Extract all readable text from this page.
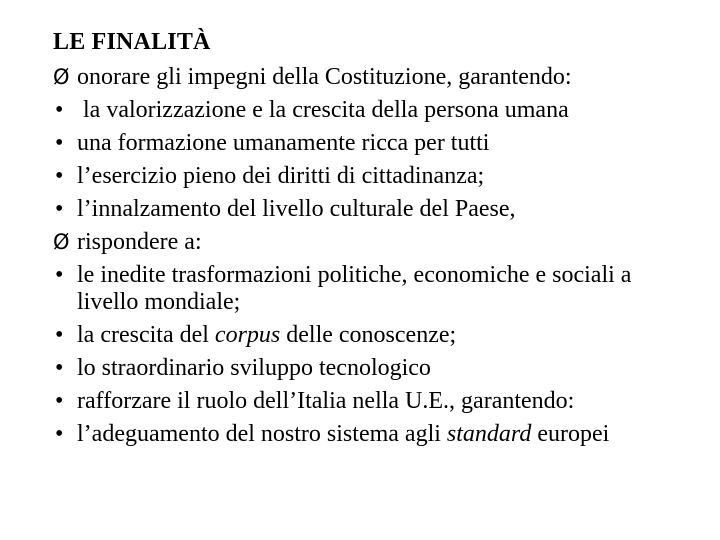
LE FINALITÀ
Ø onorare gli impegni della Costituzione, garantendo:
• la valorizzazione e la crescita della persona umana
• una formazione umanamente ricca per tutti
• l’esercizio pieno dei diritti di cittadinanza;
• l’innalzamento del livello culturale del Paese,
Ø rispondere a:
• le inedite trasformazioni politiche, economiche e sociali a livello mondiale;
• la crescita del corpus delle conoscenze;
• lo straordinario sviluppo tecnologico
• rafforzare il ruolo dell’Italia nella U.E., garantendo:
• l’adeguamento del nostro sistema agli standard europei
